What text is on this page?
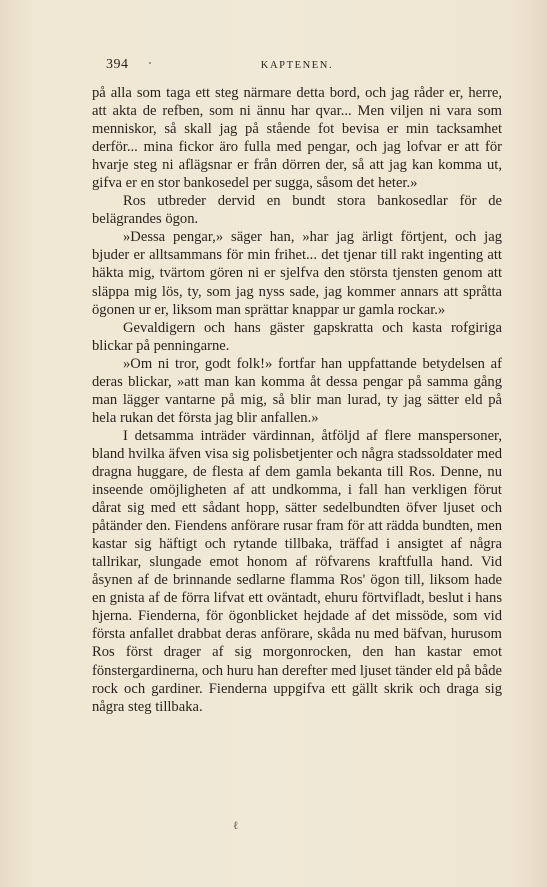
394	KAPTENEN.

på alla som taga ett steg närmare detta bord, och jag råder er, herre, att akta de refben, som ni ännu har qvar... Men viljen ni vara som menniskor, så skall jag på stående fot bevisa er min tacksamhet derför... mina fickor äro fulla med pengar, och jag lofvar er att för hvarje steg ni aflägsnar er från dörren der, så att jag kan komma ut, gifva er en stor bankosedel per sugga, såsom det heter.»

Ros utbreder dervid en bundt stora bankosedlar för de belägrandes ögon.

»Dessa pengar,» säger han, »har jag ärligt förtjent, och jag bjuder er alltsammans för min frihet... det tjenar till rakt ingenting att häkta mig, tvärtom gören ni er sjelfva den största tjensten genom att släppa mig lös, ty, som jag nyss sade, jag kommer annars att språtta ögonen ur er, liksom man sprättar knappar ur gamla rockar.»

Gevaldigern och hans gäster gapskratta och kasta rofgiriga blickar på penningarne.

»Om ni tror, godt folk!» fortfar han uppfattande betydelsen af deras blickar, »att man kan komma åt dessa pengar på samma gång man lägger vantarne på mig, så blir man lurad, ty jag sätter eld på hela rukan det första jag blir anfallen.»

I detsamma inträder värdinnan, åtföljd af flere manspersoner, bland hvilka äfven visa sig polisbetjenter och några stadssoldater med dragna huggare, de flesta af dem gamla bekanta till Ros. Denne, nu inseende omöjligheten af att undkomma, i fall han verkligen förut dårat sig med ett sådant hopp, sätter sedelbundten öfver ljuset och påtänder den. Fiendens anförare rusar fram för att rädda bundten, men kastar sig häftigt och rytande tillbaka, träffad i ansigtet af några tallrikar, slungade emot honom af röfvarens kraftfulla hand. Vid åsynen af de brinnande sedlarne flamma Ros' ögon till, liksom hade en gnista af de förra lifvat ett oväntadt, ehuru förtvifladt, beslut i hans hjerna. Fienderna, för ögonblicket hejdade af det missöde, som vid första anfallet drabbat deras anförare, skåda nu med bäfvan, hurusom Ros först drager af sig morgonrocken, den han kastar emot fönstergardinerna, och huru han derefter med ljuset tänder eld på både rock och gardiner. Fienderna uppgifva ett gällt skrik och draga sig några steg tillbaka.

ℓ
